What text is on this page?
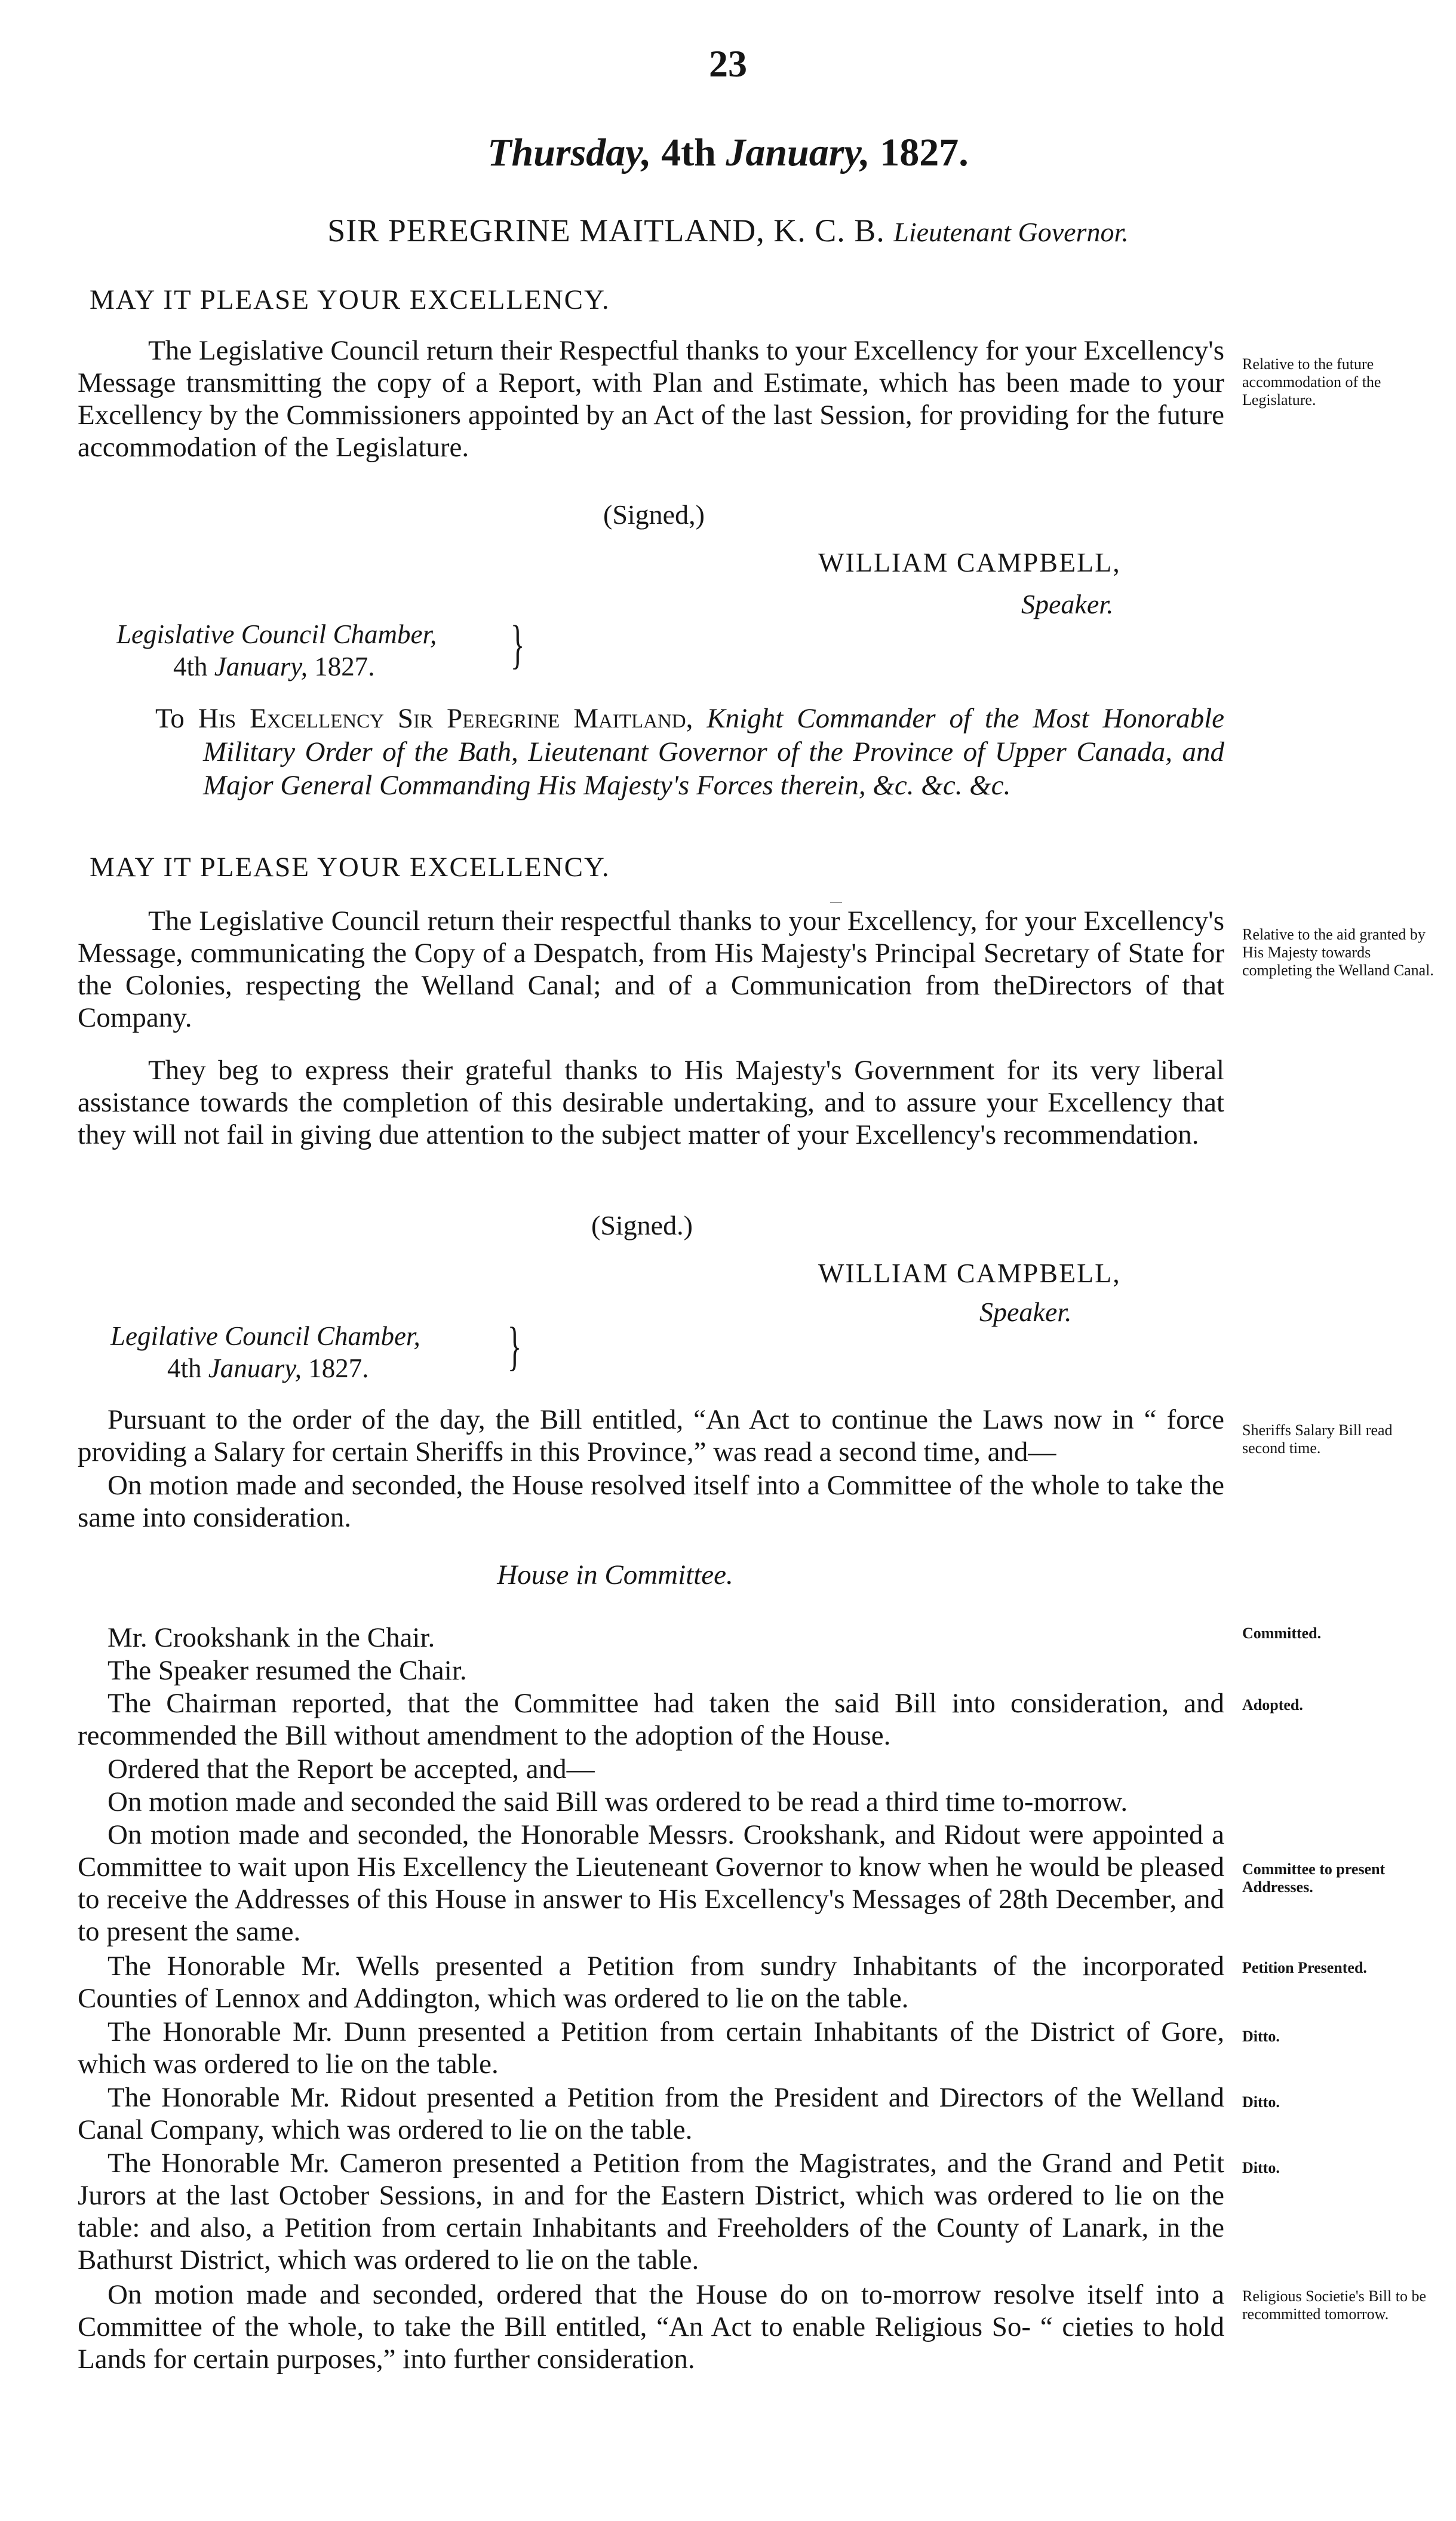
23
Thursday, 4th January, 1827.
SIR PEREGRINE MAITLAND, K. C. B. Lieutenant Governor.
MAY IT PLEASE YOUR EXCELLENCY.

The Legislative Council return their Respectful thanks to your Excellency for your Excellency's Message transmitting the copy of a Report, with Plan and Estimate, which has been made to your Excellency by the Commissioners appointed by an Act of the last Session, for providing for the future accommodation of the Legislature.

(Signed,)
WILLIAM CAMPBELL,
Speaker.
Legislative Council Chamber,
4th January, 1827.	}
To His Excellency Sir Peregrine Maitland, Knight Commander of the Most Honorable Military Order of the Bath, Lieutenant Governor of the Province of Upper Canada, and Major General Commanding His Majesty's Forces therein, &c. &c. &c.
MAY IT PLEASE YOUR EXCELLENCY.

The Legislative Council return their respectful thanks to your Excellency, for your Excellency's Message, communicating the Copy of a Despatch, from His Majesty's Principal Secretary of State for the Colonies, respecting the Welland Canal; and of a Communication from theDirectors of that Company.

They beg to express their grateful thanks to His Majesty's Government for its very liberal assistance towards the completion of this desirable undertaking, and to assure your Excellency that they will not fail in giving due attention to the subject matter of your Excellency's recommendation.

(Signed.)
WILLIAM CAMPBELL,
Speaker.
Legilative Council Chamber,
4th January, 1827.	}

Pursuant to the order of the day, the Bill entitled, “An Act to continue the Laws now in “ force providing a Salary for certain Sheriffs in this Province,” was read a second time, and—

On motion made and seconded, the House resolved itself into a Committee of the whole to take the same into consideration.

House in Committee.

Mr. Crookshank in the Chair.

The Speaker resumed the Chair.

The Chairman reported, that the Committee had taken the said Bill into consideration, and recommended the Bill without amendment to the adoption of the House.

Ordered that the Report be accepted, and—

On motion made and seconded the said Bill was ordered to be read a third time to-morrow.

On motion made and seconded, the Honorable Messrs. Crookshank, and Ridout were appointed a Committee to wait upon His Excellency the Lieuteneant Governor to know when he would be pleased to receive the Addresses of this House in answer to His Excellency's Messages of 28th December, and to present the same.

The Honorable Mr. Wells presented a Petition from sundry Inhabitants of the incorporated Counties of Lennox and Addington, which was ordered to lie on the table.

The Honorable Mr. Dunn presented a Petition from certain Inhabitants of the District of Gore, which was ordered to lie on the table.

The Honorable Mr. Ridout presented a Petition from the President and Directors of the Welland Canal Company, which was ordered to lie on the table.

The Honorable Mr. Cameron presented a Petition from the Magistrates, and the Grand and Petit Jurors at the last October Sessions, in and for the Eastern District, which was ordered to lie on the table: and also, a Petition from certain Inhabitants and Freeholders of the County of Lanark, in the Bathurst District, which was ordered to lie on the table.

On motion made and seconded, ordered that the House do on to-morrow resolve itself into a Committee of the whole, to take the Bill entitled, “An Act to enable Religious So- “ cieties to hold Lands for certain purposes,” into further consideration.

Relative to the future accommodation of the Legislature.
Relative to the aid granted by His Majesty towards completing the Welland Canal.
Sheriffs Salary Bill read second time.
Committed.
Adopted.
Committee to present Addresses.
Petition Presented.
Ditto.
Ditto.
Ditto.
Religious Societie's Bill to be recommitted tomorrow.
